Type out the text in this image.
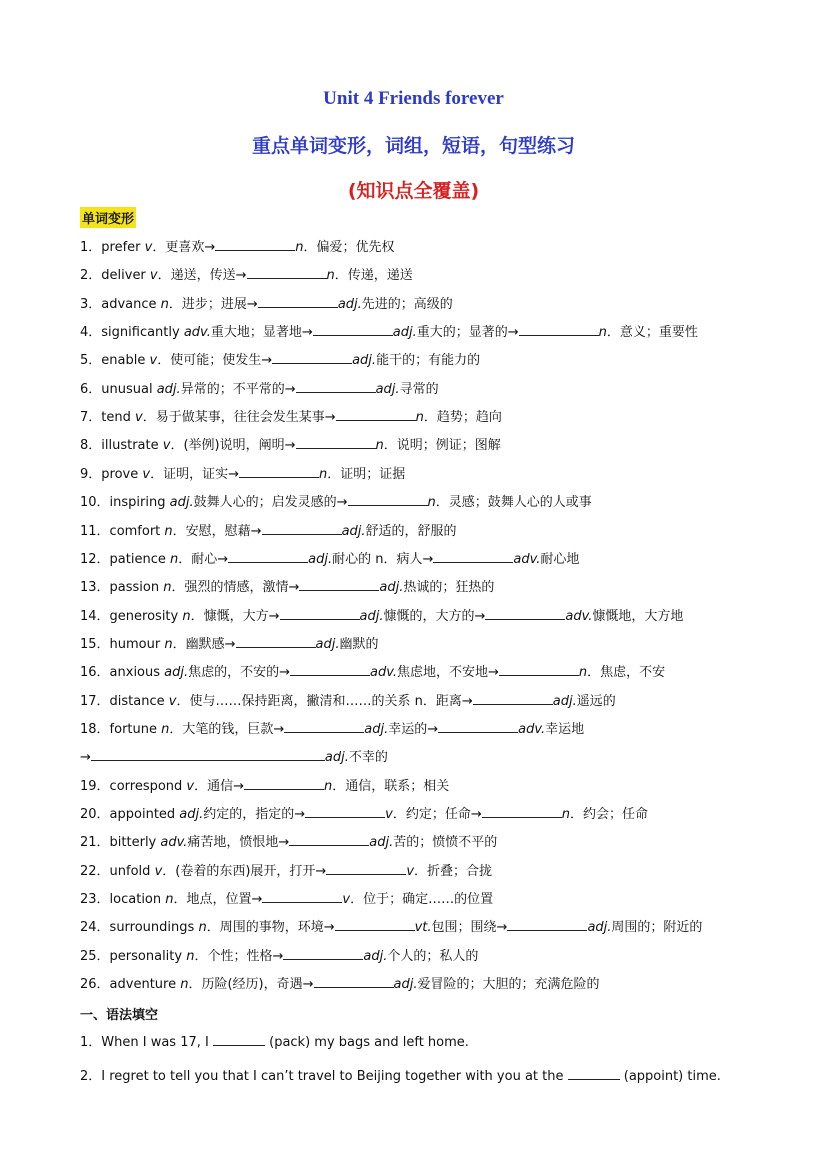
Unit 4 Friends forever
重点单词变形，词组，短语，句型练习
(知识点全覆盖)
单词变形
1．prefer v．更喜欢→	n．偏爱；优先权
2．deliver v．递送，传送→	n．传递，递送
3．advance n．进步；进展→	adj.先进的；高级的
4．significantly adv.重大地；显著地→	adj.重大的；显著的→	n．意义；重要性
5．enable v．使可能；使发生→	adj.能干的；有能力的
6．unusual adj.异常的；不平常的→	adj.寻常的
7．tend v．易于做某事，往往会发生某事→	n．趋势；趋向
8．illustrate v．(举例)说明，阐明→	n．说明；例证；图解
9．prove v．证明，证实→	n．证明；证据
10．inspiring adj.鼓舞人心的；启发灵感的→	n．灵感；鼓舞人心的人或事
11．comfort n．安慰，慰藉→	adj.舒适的，舒服的
12．patience n．耐心→	adj.耐心的 n．病人→	adv.耐心地
13．passion n．强烈的情感，激情→	adj.热诚的；狂热的
14．generosity n．慷慨，大方→	adj.慷慨的，大方的→	adv.慷慨地，大方地
15．humour n．幽默感→	adj.幽默的
16．anxious adj.焦虑的，不安的→	adv.焦虑地，不安地→	n．焦虑，不安
17．distance v．使与……保持距离，撇清和……的关系 n．距离→	adj.遥远的
18．fortune n．大笔的钱，巨款→	adj.幸运的→	adv.幸运地
→	adj.不幸的
19．correspond v．通信→	n．通信，联系；相关
20．appointed adj.约定的，指定的→	v．约定；任命→	n．约会；任命
21．bitterly adv.痛苦地，愤恨地→	adj.苦的；愤愤不平的
22．unfold v．(卷着的东西)展开，打开→	v．折叠；合拢
23．location n．地点，位置→	v．位于；确定……的位置
24．surroundings n．周围的事物，环境→	vt.包围；围绕→	adj.周围的；附近的
25．personality n．个性；性格→	adj.个人的；私人的
26．adventure n．历险(经历)，奇遇→	adj.爱冒险的；大胆的；充满危险的
一、语法填空
1．When I was 17, I	(pack) my bags and left home.
2．I regret to tell you that I can’t travel to Beijing together with you at the	(appoint) time.
